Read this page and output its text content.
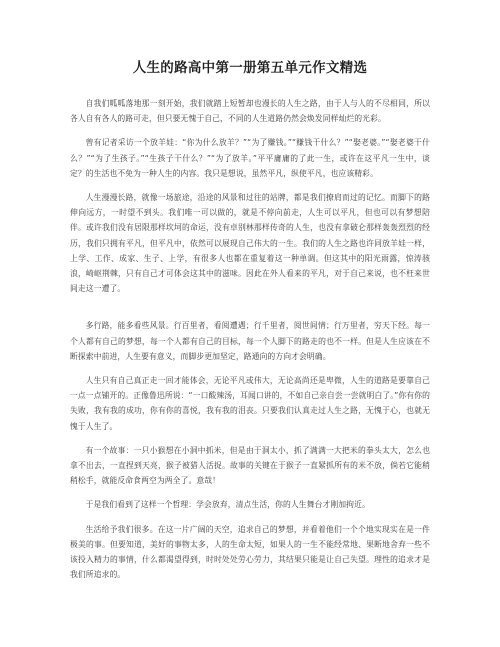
人生的路高中第一册第五单元作文精选

自我们呱呱落地那一刻开始，我们就踏上短暂却也漫长的人生之路，由于人与人的不尽相同，所以各人自有各人的路可走，但只要无愧于自己，不同的人生道路仍然会焕发同样灿烂的光彩。

曾有记者采访一个放羊娃：“你为什么放羊？”“为了赚钱。”“赚钱干什么？”“娶老婆。”“娶老婆干什么？”“为了生孩子。”“生孩子干什么？”“为了放羊。”平平庸庸的了此一生，或许在这平凡一生中，谈定？的生活也不免为一种人生的内容。我只是想说，虽然平凡，纵使平凡，也应该精彩。

人生漫漫长路，就像一场旅途，沿途的风景和过往的站牌，都是我们撩肩而过的记忆。而脚下的路伸向远方，一时望不到头。我们唯一可以做的，就是不停向前走，人生可以平凡，但也可以有梦想陪伴。或许我们没有居限那样坎坷的命运，没有卓别林那样传奇的人生，也没有拿破仑那样轰轰烈烈的经历，我们只拥有平凡，但平凡中，依然可以展现自己伟大的一生。我们的人生之路也许同放羊娃一样，上学、工作、成家、生子、上学，有很多人也都在重复着这一种单调。但这其中的阳光雨露，惊涛骇浪，崎岖荆棘，只有自己才可体会这其中的滋味。因此在外人看来的平凡，对于自己来说，也不枉来世间走这一遭了。

多行路，能多看些风景。行百里者，看阅遭遇；行千里者，阅世间情；行万里者，穷天下经。每一个人都有自己的梦想，每一个人都有自己的目标，每一个人脚下的路走的也不一样。但是人生应该在不断探索中前进，人生要有意义，而脚步更加坚定，路通向的方向才会明确。

人生只有自己真正走一回才能体会，无论平凡或伟大，无论高尚还是卑微，人生的道路是要靠自己一点一点铺开的。正像鲁迅所说：“一口酸辣汤，耳闻口讲的，不如自己亲自尝一尝就明白了。”你有你的失败，我有我的成功，你有你的喜悦，我有我的泪丧。只要我们认真走过人生之路，无愧于心，也就无愧于人生了。

有一个故事：一只小猴想在小洞中抓米，但是由于洞太小，抓了满满一大把米的拳头太大，怎么也拿不出去，一直捏到天亮，猴子被猎人活捉。故事的关键在于猴子一直紧抓所有的米不放，倘若它能稍稍松手，就能反命食两空为两全了。意哉！

于是我们看到了这样一个哲理：学会放弃，清点生活，你的人生舞台才刚加拘近。

生活给予我们很多。在这一片广阔的天空，追求自己的梦想，并看着他们一个个地实现实在是一件极美的事。但要知道，美好的事物太多，人的生命太短，如果人的一生不能经常地、果断地舍弃一些不该投入精力的事情，什么都渴望得到，时时处处劳心劳力，其结果只能是让自己失望。理性的追求才是我们所追求的。
